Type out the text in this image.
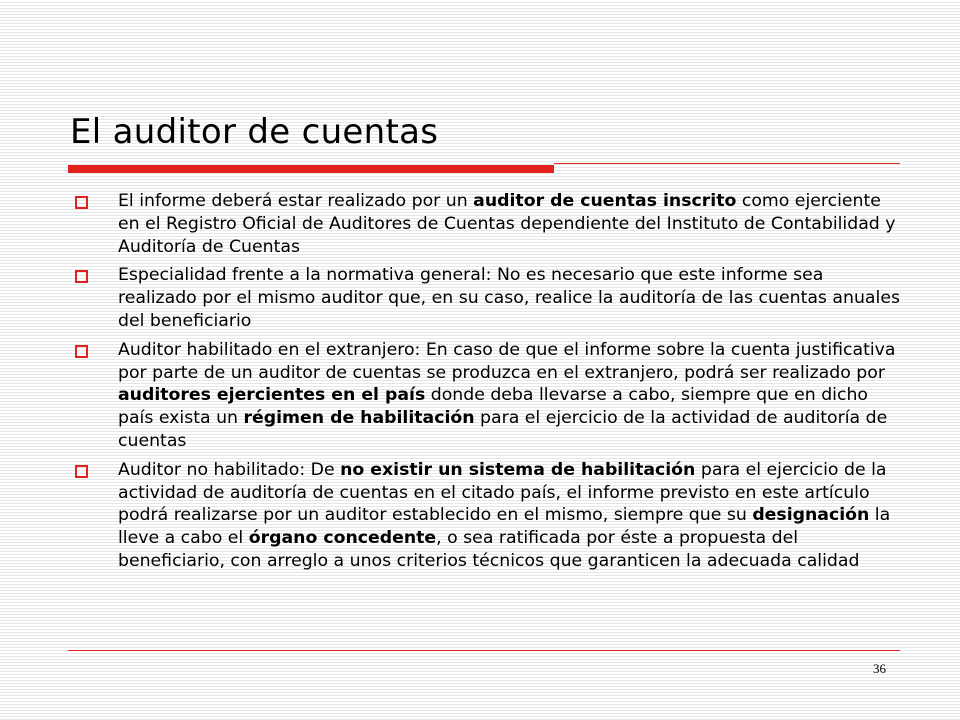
El auditor de cuentas
El informe deberá estar realizado por un auditor de cuentas inscrito como ejerciente en el Registro Oficial de Auditores de Cuentas dependiente del Instituto de Contabilidad y Auditoría de Cuentas
Especialidad frente a la normativa general: No es necesario que este informe sea realizado por el mismo auditor que, en su caso, realice la auditoría de las cuentas anuales del beneficiario
Auditor habilitado en el extranjero: En caso de que el informe sobre la cuenta justificativa por parte de un auditor de cuentas se produzca en el extranjero, podrá ser realizado por auditores ejercientes en el país donde deba llevarse a cabo, siempre que en dicho país exista un régimen de habilitación para el ejercicio de la actividad de auditoría de cuentas
Auditor no habilitado: De no existir un sistema de habilitación para el ejercicio de la actividad de auditoría de cuentas en el citado país, el informe previsto en este artículo podrá realizarse por un auditor establecido en el mismo, siempre que su designación la lleve a cabo el órgano concedente, o sea ratificada por éste a propuesta del beneficiario, con arreglo a unos criterios técnicos que garanticen la adecuada calidad
36
